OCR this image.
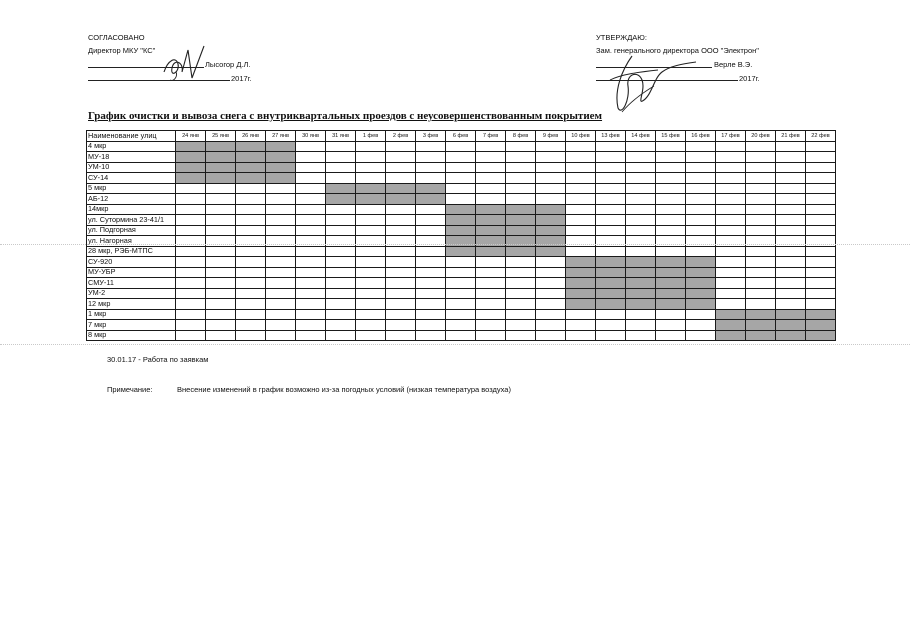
СОГЛАСОВАНО
Директор МКУ "КС"
Лысогор Д.Л.
2017г.
УТВЕРЖДАЮ:
Зам. генерального директора ООО "Электрон"
Верле В.Э.
2017г.
График очистки и вывоза снега с внутриквартальных проездов с неусовершенствованным покрытием
Наименование улиц	24 янв	25 янв	26 янв	27 янв	30 янв	31 янв	1 фев	2 фев	3 фев	6 фев	7 фев	8 фев	9 фев	10 фев	13 фев	14 фев	15 фев	16 фев	17 фев	20 фев	21 фев	22 фев
4 мкр																						
МУ-18																						
УМ-10																						
СУ-14																						
5 мкр																						
АБ-12																						
14мкр																						
ул. Сутормина 23-41/1																						
ул. Подгорная																						
ул. Нагорная																						
28 мкр, РЭБ-МТПС																						
СУ-920																						
МУ-УБР																						
СМУ-11																						
УМ-2																						
12 мкр																						
1 мкр																						
7 мкр																						
8 мкр																						
30.01.17 - Работа по заявкам
Примечание:	Внесение изменений в график возможно из-за погодных условий (низкая температура воздуха)
